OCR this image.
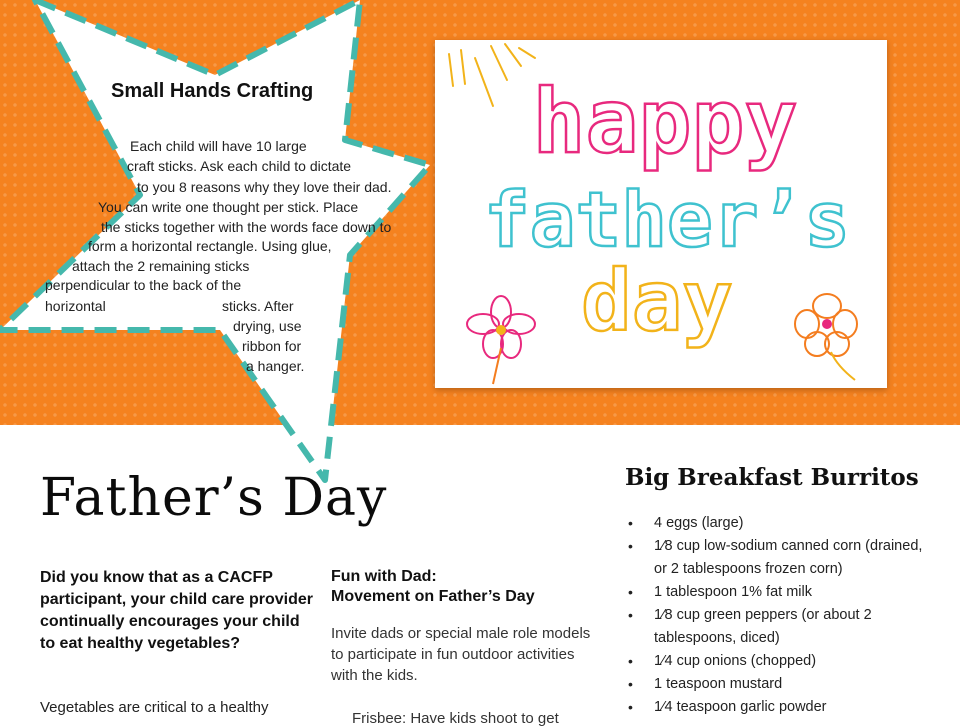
Small Hands Crafting
Each child will have 10 large
craft sticks. Ask each child to dictate
to you 8 reasons why they love their dad.
You can write one thought per stick. Place
the sticks together with the words face down to
form a horizontal rectangle. Using glue,
attach the 2 remaining sticks
perpendicular to the back of the
horizontal	sticks. After
drying, use
ribbon for
a hanger.
happy
father’s
day
Father’s Day

Did you know that as a CACFP participant, your child care provider continually encourages your child to eat healthy vegetables?

Vegetables are critical to a healthy

Fun with Dad:
Movement on Father’s Day

Invite dads or special male role models to participate in fun outdoor activities with the kids.

Frisbee: Have kids shoot to get

Big Breakfast Burritos
• 4 eggs (large)
• 1⁄8 cup low-sodium canned corn (drained, or 2 tablespoons frozen corn)
• 1 tablespoon 1% fat milk
• 1⁄8 cup green peppers (or about 2 tablespoons, diced)
• 1⁄4 cup onions (chopped)
• 1 teaspoon mustard
• 1⁄4 teaspoon garlic powder
